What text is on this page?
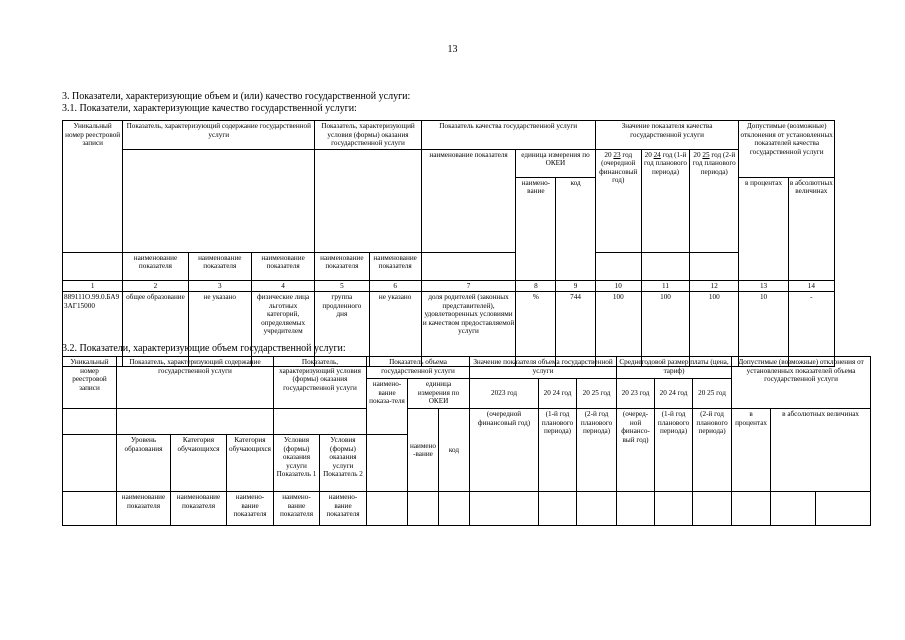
13
3. Показатели, характеризующие объем и (или) качество государственной услуги:
3.1. Показатели, характеризующие качество государственной услуги:
Уникальный номер реестровой записи	Показатель, характеризующий содержание государственной услуги			Показатель, характеризующий условия (формы) оказания государственной услуги		Показатель качества государственной услуги			Значение показателя качества государственной услуги			Допустимые (возможные) отклонения от установленных показателей качества государственной услуги	
						наименование показателя	единица измерения по ОКЕИ		20 23 год (очередной финансовый год)	20 24 год (1-й год планового периода)	20 25 год (2-й год планового периода)		
							наимено-вание	код				в процентах	в абсолютных величинах
	наименование показателя	наименование показателя	наименование показателя	наименование показателя	наименование показателя								
1	2	3	4	5	6	7	8	9	10	11	12	13	14
889111О.99.0.БА93АГ15000	общее образование	не указано	физические лица льготных категорий, определяемых учредителем	группа продленного дня	не указано	доля родителей (законных представителей), удовлетворенных условиями и качеством предоставляемой услуги	%	744	100	100	100	10	-
3.2. Показатели, характеризующие объем государственной услуги:
Уникальный номер реестровой записи	Показатель, характеризующий содержание государственной услуги			Показатель, характеризующий условия (формы) оказания государственной услуги		Показатель объема государственной услуги			Значение показателя объема государственной услуги			Среднегодовой размер платы (цена, тариф)			Допустимые (возможные) отклонения от установленных показателей объема государственной услуги		
						наимено-вание показа-теля	единица измерения по ОКЕИ		2023 год	20 24 год	20 25 год	20 23 год	20 24 год	20 25 год			
							наимено-вание	код	(очередной финансовый год)	(1-й год планового периода)	(2-й год планового периода)	(очеред-ной финансо-вый год)	(1-й год планового периода)	(2-й год планового периода)	в процентах	в абсолютных величинах	
	Уровень образования	Категория обучающихся	Категория обучающихся	Условия (формы) оказания услуги Показатель 1	Условия (формы) оказания услуги Показатель 2												
	наименование показателя	наименование показателя	наимено-вание показателя	наимено-вание показателя	наимено-вание показателя												
